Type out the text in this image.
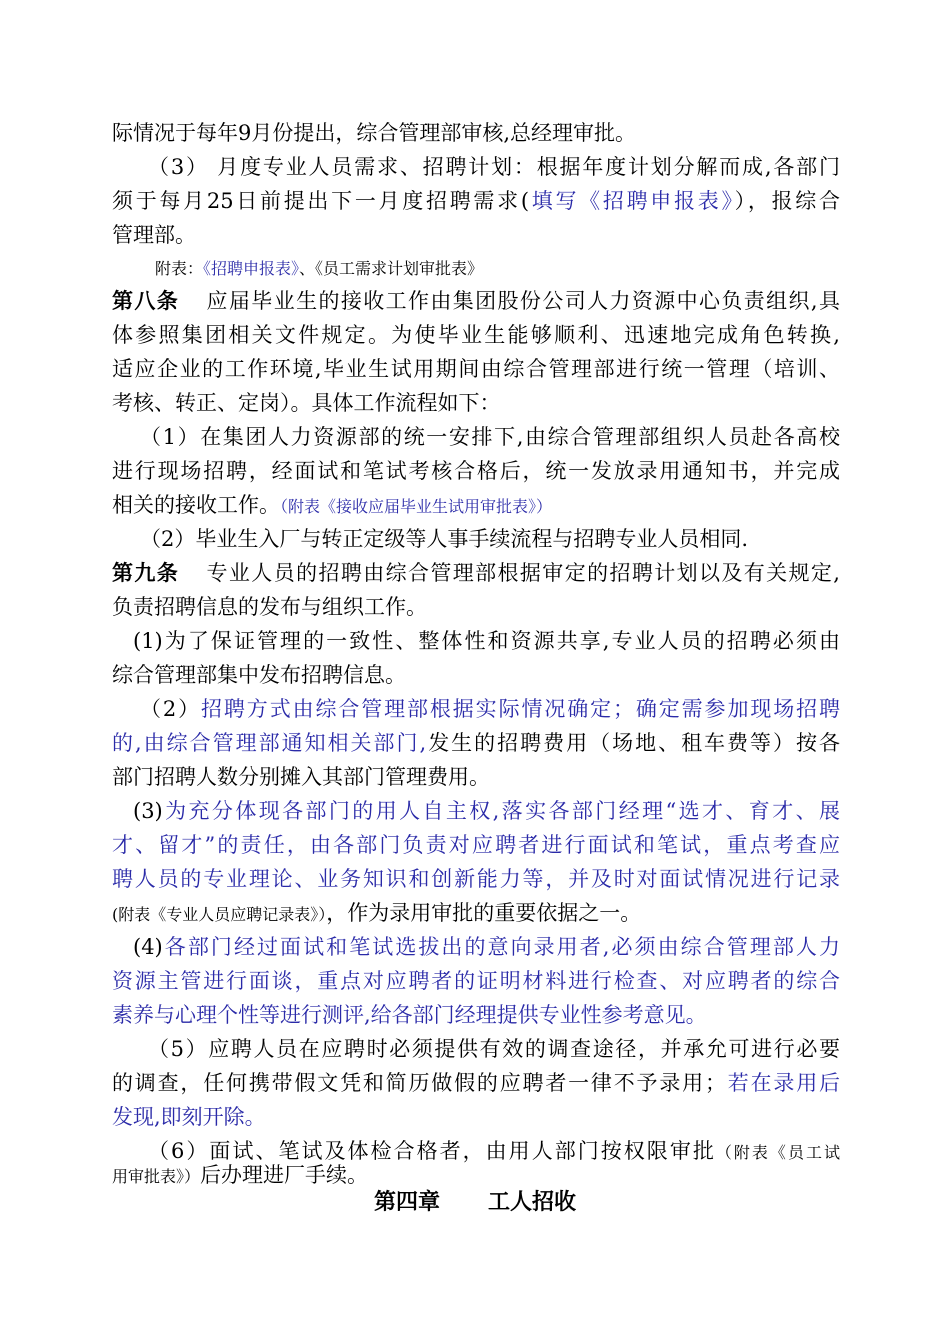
际情况于每年9月份提出，综合管理部审核,总经理审批。
（3） 月度专业人员需求、招聘计划：根据年度计划分解而成,各部门
须于每月25日前提出下一月度招聘需求(填写《招聘申报表》），报综合
管理部。
附表：《招聘申报表》、《员工需求计划审批表》
第八条 应届毕业生的接收工作由集团股份公司人力资源中心负责组织,具
体参照集团相关文件规定。为使毕业生能够顺利、迅速地完成角色转换,
适应企业的工作环境,毕业生试用期间由综合管理部进行统一管理（培训、
考核、转正、定岗）。具体工作流程如下：
（1）在集团人力资源部的统一安排下,由综合管理部组织人员赴各高校
进行现场招聘，经面试和笔试考核合格后，统一发放录用通知书，并完成
相关的接收工作。（附表《接收应届毕业生试用审批表》）
（2）毕业生入厂与转正定级等人事手续流程与招聘专业人员相同.
第九条 专业人员的招聘由综合管理部根据审定的招聘计划以及有关规定,
负责招聘信息的发布与组织工作。
(1)为了保证管理的一致性、整体性和资源共享,专业人员的招聘必须由
综合管理部集中发布招聘信息。
（2）招聘方式由综合管理部根据实际情况确定；确定需参加现场招聘
的,由综合管理部通知相关部门,发生的招聘费用（场地、租车费等）按各
部门招聘人数分别摊入其部门管理费用。
(3)为充分体现各部门的用人自主权,落实各部门经理“选才、育才、展
才、留才”的责任，由各部门负责对应聘者进行面试和笔试，重点考查应
聘人员的专业理论、业务知识和创新能力等，并及时对面试情况进行记录
(附表《专业人员应聘记录表》），作为录用审批的重要依据之一。
(4)各部门经过面试和笔试选拔出的意向录用者,必须由综合管理部人力
资源主管进行面谈，重点对应聘者的证明材料进行检查、对应聘者的综合
素养与心理个性等进行测评,给各部门经理提供专业性参考意见。
（5）应聘人员在应聘时必须提供有效的调查途径，并承允可进行必要
的调查，任何携带假文凭和简历做假的应聘者一律不予录用；若在录用后
发现,即刻开除。
（6）面试、笔试及体检合格者，由用人部门按权限审批（附表《员工试
用审批表》）后办理进厂手续。
第四章 工人招收
